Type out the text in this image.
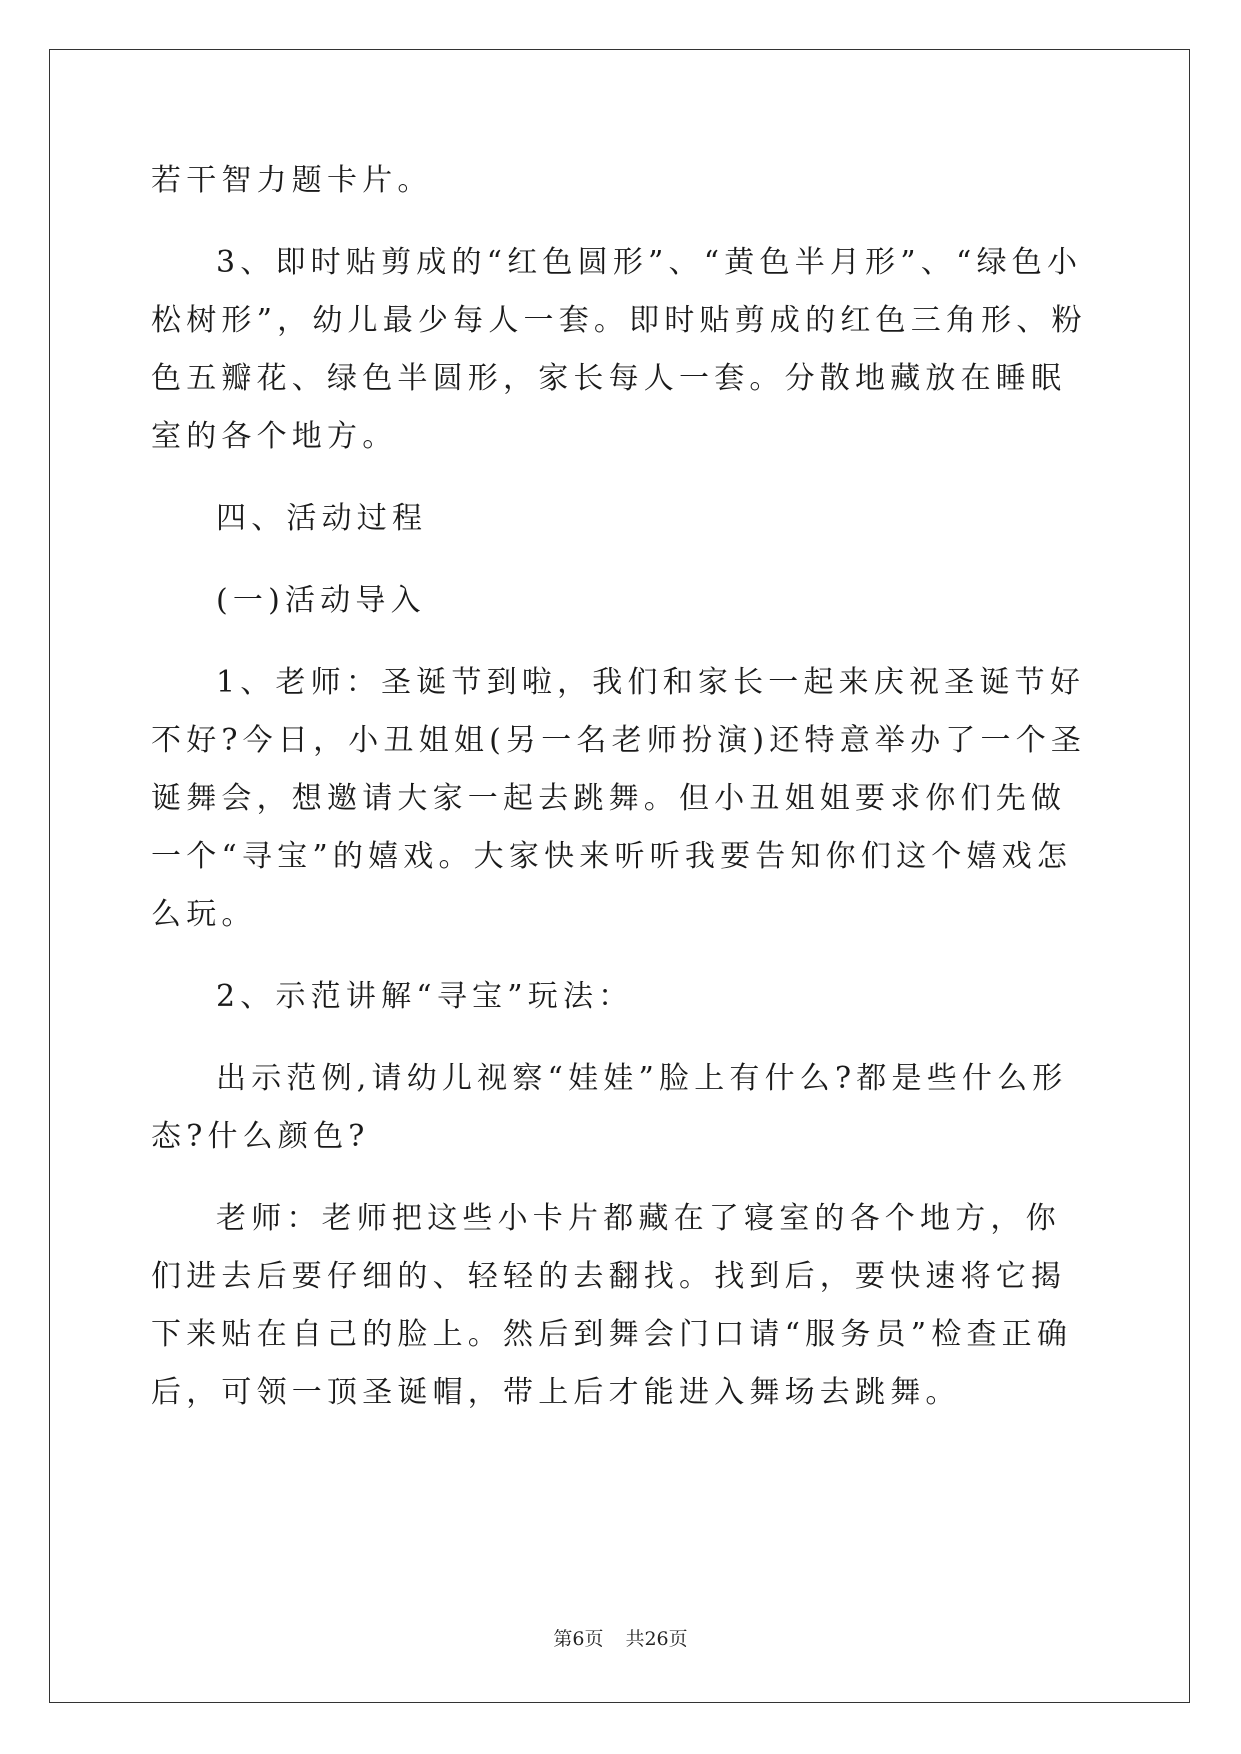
若干智力题卡片。

3、即时贴剪成的“红色圆形”、“黄色半月形”、“绿色小松树形”，幼儿最少每人一套。即时贴剪成的红色三角形、粉色五瓣花、绿色半圆形，家长每人一套。分散地藏放在睡眠室的各个地方。

四、活动过程

(一)活动导入

1、老师：圣诞节到啦，我们和家长一起来庆祝圣诞节好不好?今日，小丑姐姐(另一名老师扮演)还特意举办了一个圣诞舞会，想邀请大家一起去跳舞。但小丑姐姐要求你们先做一个“寻宝”的嬉戏。大家快来听听我要告知你们这个嬉戏怎么玩。

2、示范讲解“寻宝”玩法：

出示范例,请幼儿视察“娃娃”脸上有什么?都是些什么形态?什么颜色?

老师：老师把这些小卡片都藏在了寝室的各个地方，你们进去后要仔细的、轻轻的去翻找。找到后，要快速将它揭下来贴在自己的脸上。然后到舞会门口请“服务员”检查正确后，可领一顶圣诞帽，带上后才能进入舞场去跳舞。

第6页 共26页
